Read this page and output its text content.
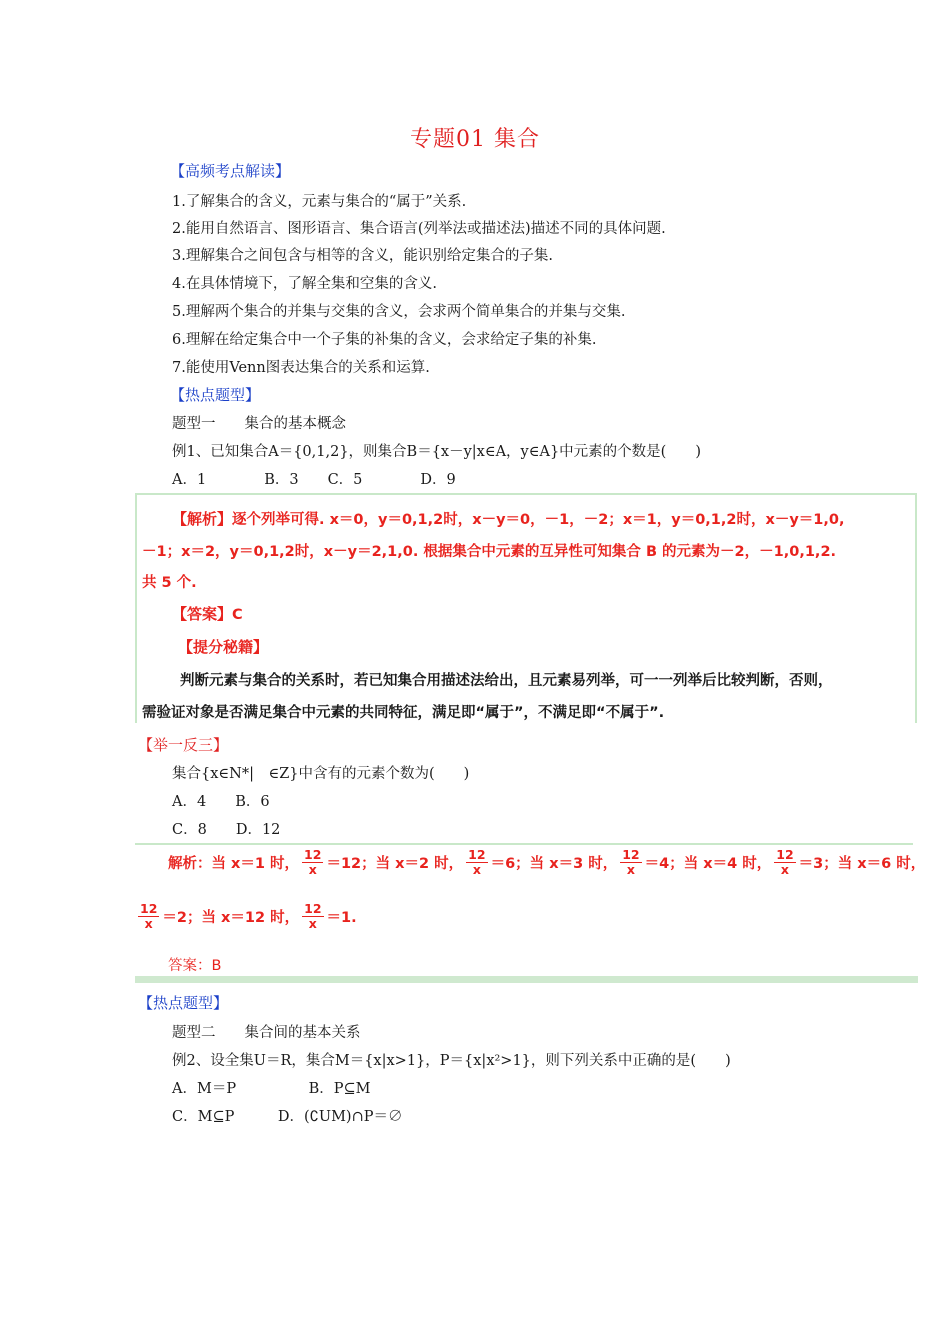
专题01 集合
【高频考点解读】
1.了解集合的含义，元素与集合的“属于”关系.
2.能用自然语言、图形语言、集合语言(列举法或描述法)描述不同的具体问题.
3.理解集合之间包含与相等的含义，能识别给定集合的子集.
4.在具体情境下，了解全集和空集的含义.
5.理解两个集合的并集与交集的含义，会求两个简单集合的并集与交集.
6.理解在给定集合中一个子集的补集的含义，会求给定子集的补集.
7.能使用Venn图表达集合的关系和运算.
【热点题型】
题型一　　集合的基本概念
例1、已知集合A＝{0,1,2}，则集合B＝{x－y|x∈A，y∈A}中元素的个数是(　　)
A．1　　　　B．3　　C．5　　　　D．9
【解析】逐个列举可得. x＝0，y＝0,1,2时，x－y＝0，－1，－2；x＝1，y＝0,1,2时，x－y＝1,0,
－1；x＝2，y＝0,1,2时，x－y＝2,1,0. 根据集合中元素的互异性可知集合 B 的元素为－2，－1,0,1,2.
共 5 个.
【答案】C
【提分秘籍】
判断元素与集合的关系时，若已知集合用描述法给出，且元素易列举，可一一列举后比较判断，否则，
需验证对象是否满足集合中元素的共同特征，满足即“属于”，不满足即“不属于”.
【举一反三】
集合{x∈N*|　∈Z}中含有的元素个数为(　　)
A．4　　B．6
C．8　　D．12
解析： 当 x＝1 时， $\frac{12}{x} =12$；当 x＝2 时， $\frac{12}{x} =6$；当 x＝3 时， $\frac{12}{x} =4$；当 x＝4 时， $\frac{12}{x} =3$；当 x＝6 时，
$\frac{12}{x} =2$；当 x＝12 时， $\frac{12}{x} =1$.
答案：B
【热点题型】
题型二　　集合间的基本关系
例2、设全集U＝R，集合M＝{x|x>1}，P＝{x|x²>1}，则下列关系中正确的是(　　)
A．M＝P　　　　　B．P⊆M
C．M⊆P　　　D．(∁UM)∩P＝∅
